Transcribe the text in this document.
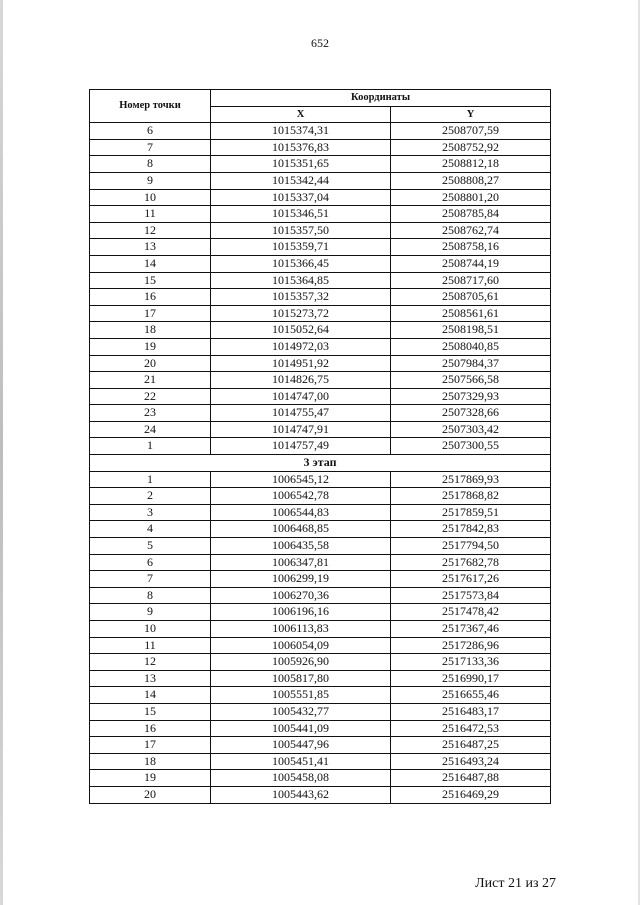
652
Номер точки	Координаты	
	X	Y
6	1015374,31	2508707,59
7	1015376,83	2508752,92
8	1015351,65	2508812,18
9	1015342,44	2508808,27
10	1015337,04	2508801,20
11	1015346,51	2508785,84
12	1015357,50	2508762,74
13	1015359,71	2508758,16
14	1015366,45	2508744,19
15	1015364,85	2508717,60
16	1015357,32	2508705,61
17	1015273,72	2508561,61
18	1015052,64	2508198,51
19	1014972,03	2508040,85
20	1014951,92	2507984,37
21	1014826,75	2507566,58
22	1014747,00	2507329,93
23	1014755,47	2507328,66
24	1014747,91	2507303,42
1	1014757,49	2507300,55
3 этап		
1	1006545,12	2517869,93
2	1006542,78	2517868,82
3	1006544,83	2517859,51
4	1006468,85	2517842,83
5	1006435,58	2517794,50
6	1006347,81	2517682,78
7	1006299,19	2517617,26
8	1006270,36	2517573,84
9	1006196,16	2517478,42
10	1006113,83	2517367,46
11	1006054,09	2517286,96
12	1005926,90	2517133,36
13	1005817,80	2516990,17
14	1005551,85	2516655,46
15	1005432,77	2516483,17
16	1005441,09	2516472,53
17	1005447,96	2516487,25
18	1005451,41	2516493,24
19	1005458,08	2516487,88
20	1005443,62	2516469,29
Лист 21 из 27
